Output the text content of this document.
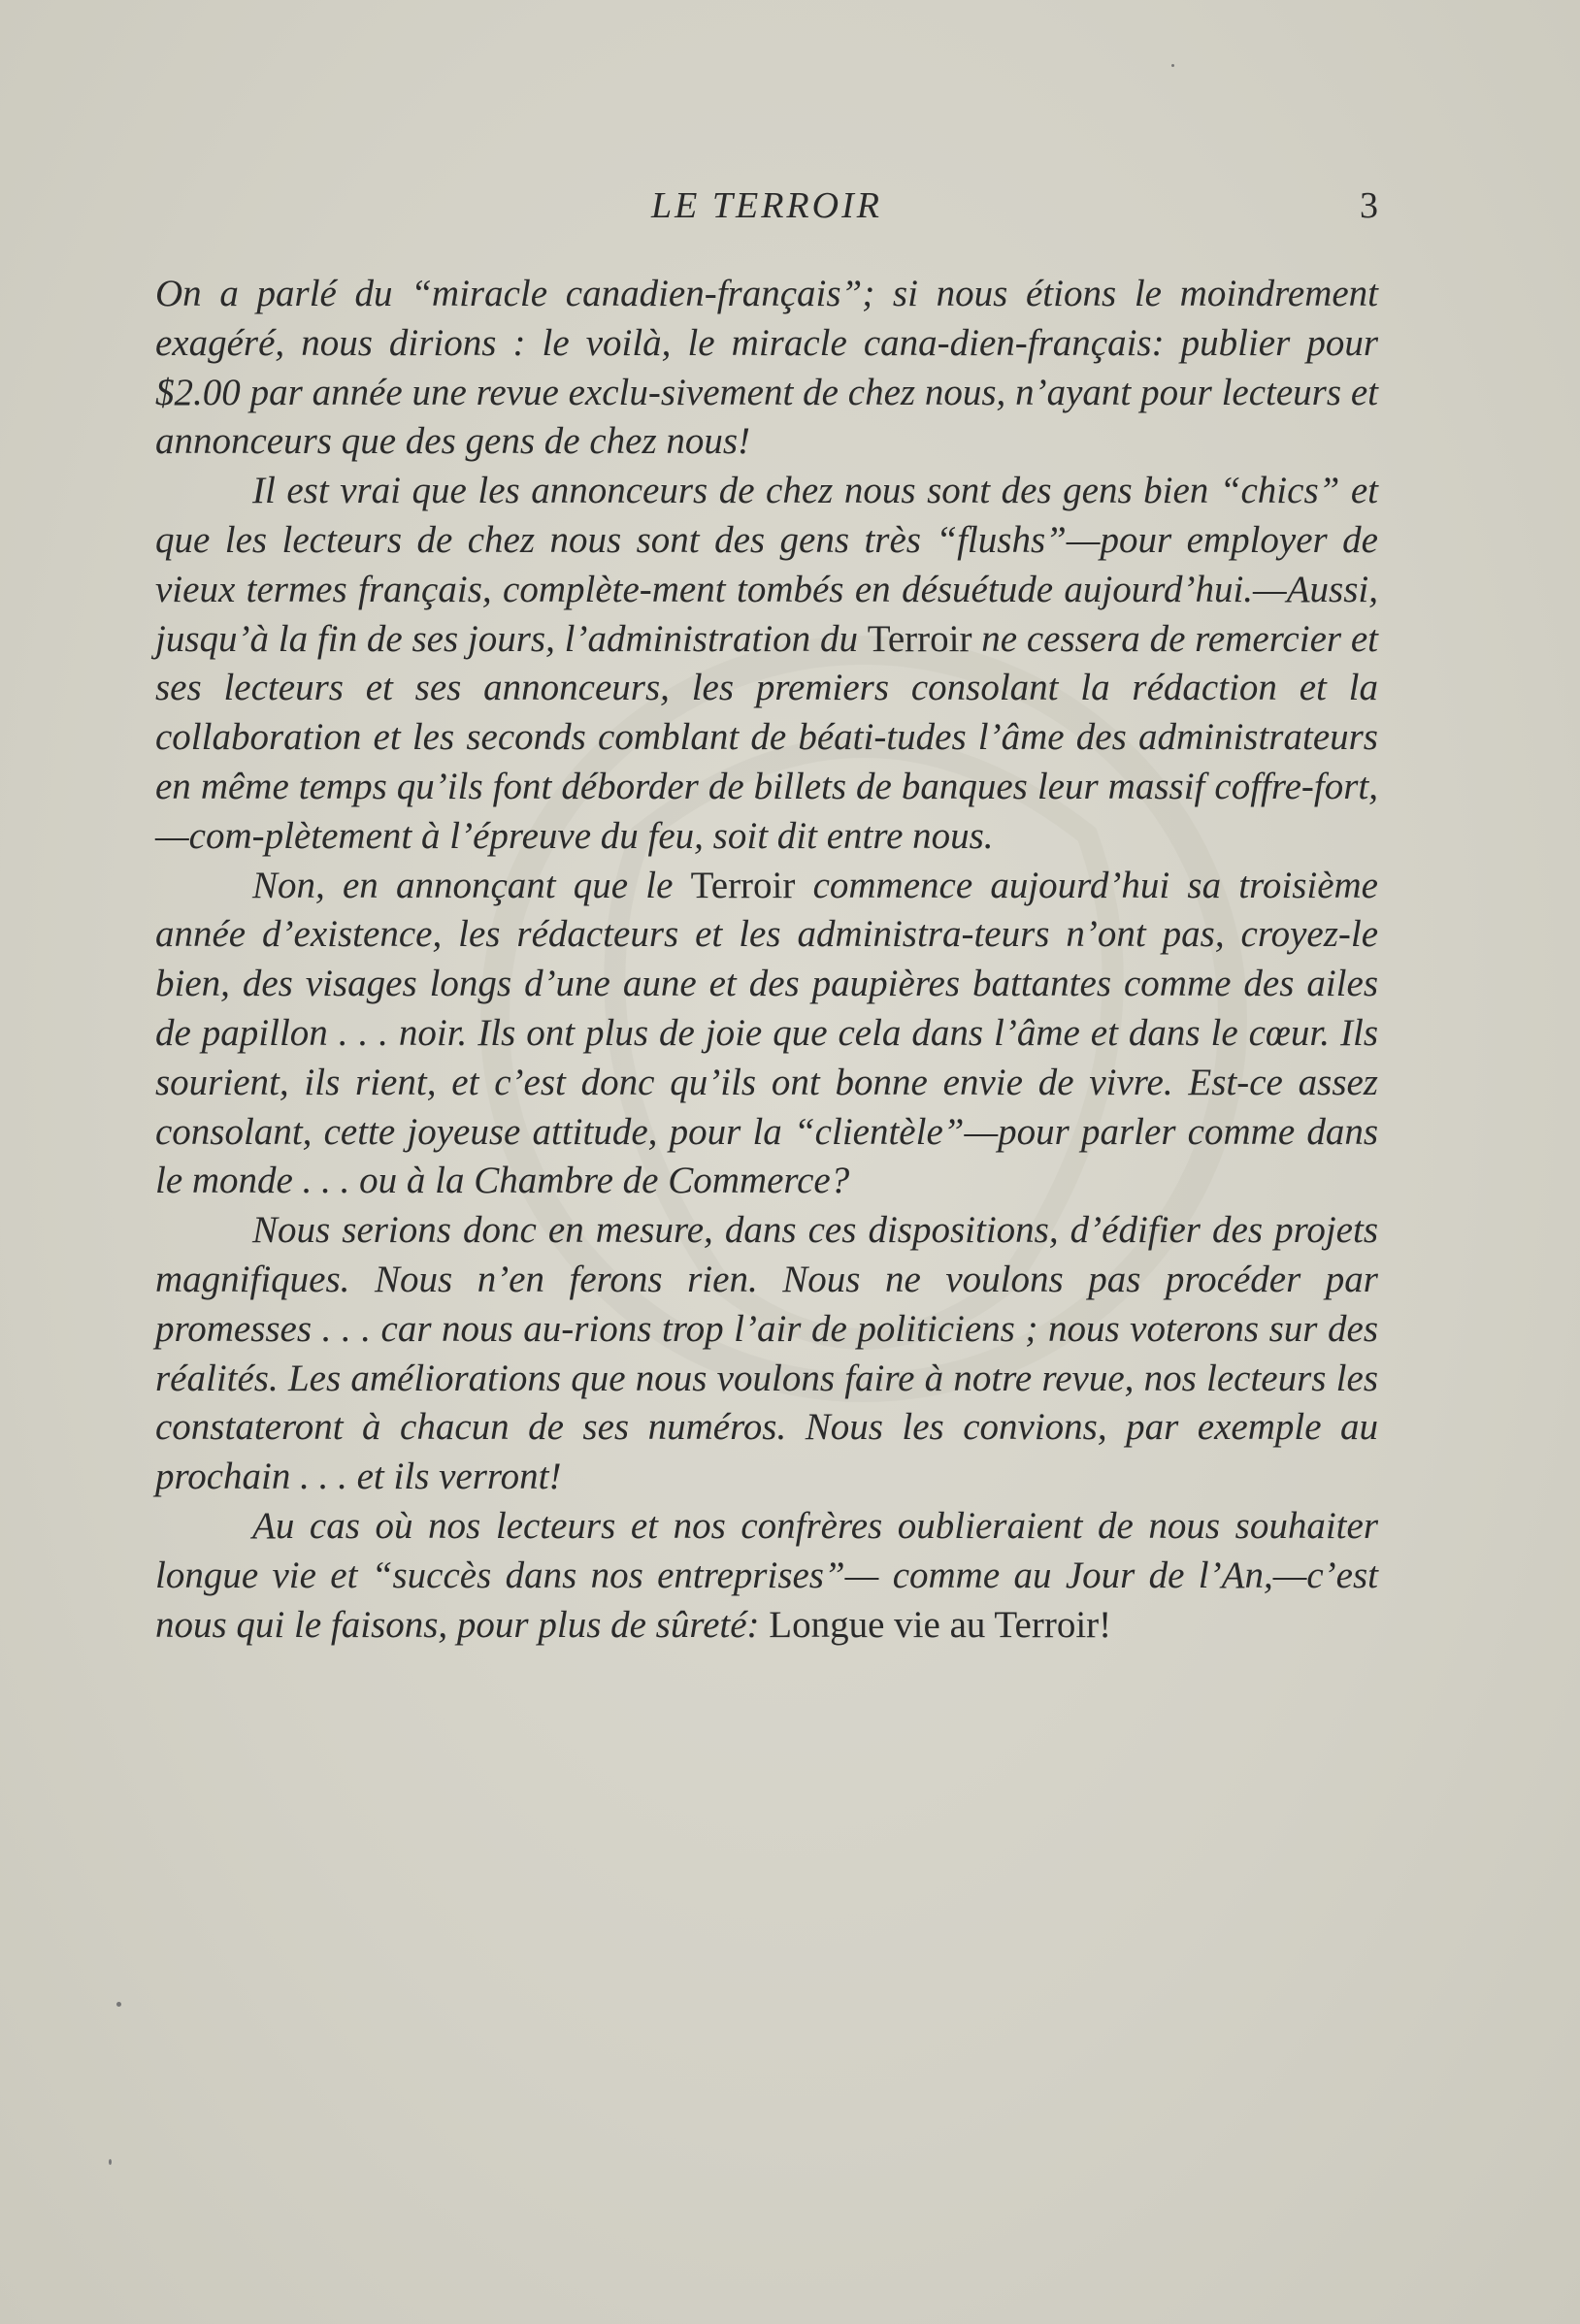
LE TERROIR	3

On a parlé du “miracle canadien-français”; si nous étions le moindrement exagéré, nous dirions : le voilà, le miracle cana-dien-français: publier pour $2.00 par année une revue exclu-sivement de chez nous, n’ayant pour lecteurs et annonceurs que des gens de chez nous!

Il est vrai que les annonceurs de chez nous sont des gens bien “chics” et que les lecteurs de chez nous sont des gens très “flushs”—pour employer de vieux termes français, complète-ment tombés en désuétude aujourd’hui.—Aussi, jusqu’à la fin de ses jours, l’administration du Terroir ne cessera de remercier et ses lecteurs et ses annonceurs, les premiers consolant la rédaction et la collaboration et les seconds comblant de béati-tudes l’âme des administrateurs en même temps qu’ils font déborder de billets de banques leur massif coffre-fort,—com-plètement à l’épreuve du feu, soit dit entre nous.

Non, en annonçant que le Terroir commence aujourd’hui sa troisième année d’existence, les rédacteurs et les administra-teurs n’ont pas, croyez-le bien, des visages longs d’une aune et des paupières battantes comme des ailes de papillon . . . noir. Ils ont plus de joie que cela dans l’âme et dans le cœur. Ils sourient, ils rient, et c’est donc qu’ils ont bonne envie de vivre. Est-ce assez consolant, cette joyeuse attitude, pour la “clientèle”—pour parler comme dans le monde . . . ou à la Chambre de Commerce?

Nous serions donc en mesure, dans ces dispositions, d’édifier des projets magnifiques. Nous n’en ferons rien. Nous ne voulons pas procéder par promesses . . . car nous au-rions trop l’air de politiciens ; nous voterons sur des réalités. Les améliorations que nous voulons faire à notre revue, nos lecteurs les constateront à chacun de ses numéros. Nous les convions, par exemple au prochain . . . et ils verront!

Au cas où nos lecteurs et nos confrères oublieraient de nous souhaiter longue vie et “succès dans nos entreprises”— comme au Jour de l’An,—c’est nous qui le faisons, pour plus de sûreté: Longue vie au Terroir!
